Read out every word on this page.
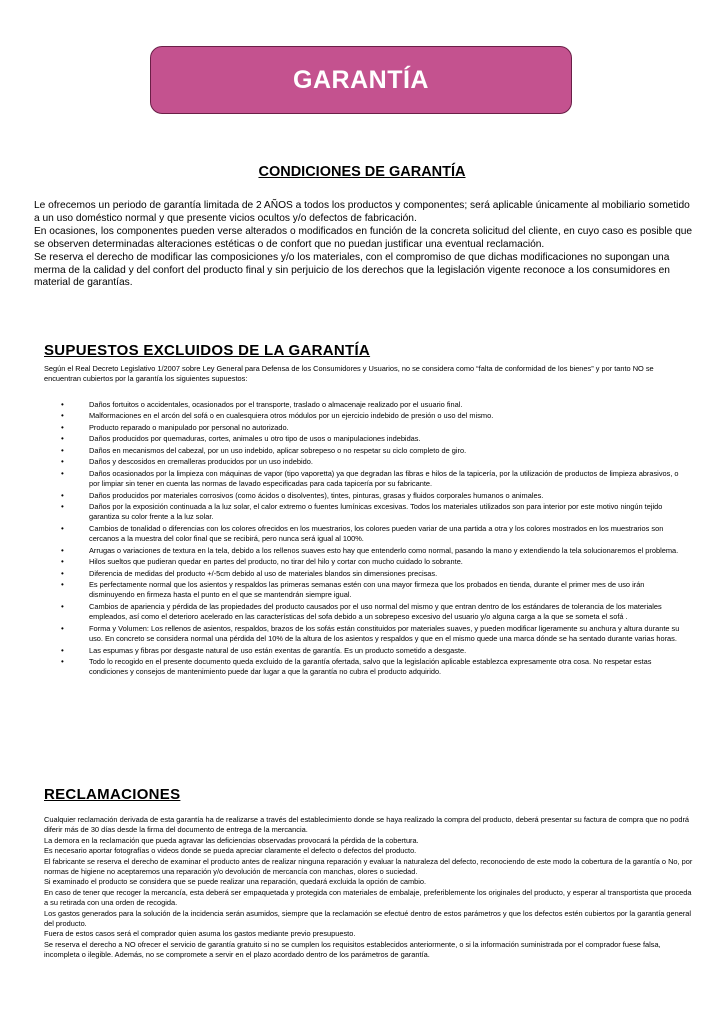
GARANTÍA
CONDICIONES DE GARANTÍA

Le ofrecemos un periodo de garantía limitada de 2 AÑOS a todos los productos y componentes; será aplicable únicamente al mobiliario sometido a un uso doméstico normal y que presente vicios ocultos y/o defectos de fabricación.

En ocasiones, los componentes pueden verse alterados o modificados en función de la concreta solicitud del cliente, en cuyo caso es posible que se observen determinadas alteraciones estéticas o de confort que no puedan justificar una eventual reclamación.

Se reserva el derecho de modificar las composiciones y/o los materiales, con el compromiso de que dichas modificaciones no supongan una merma de la calidad y del confort del producto final y sin perjuicio de los derechos que la legislación vigente reconoce a los consumidores en material de garantías.

SUPUESTOS EXCLUIDOS DE LA GARANTÍA
Según el Real Decreto Legislativo 1/2007 sobre Ley General para Defensa de los Consumidores y Usuarios, no se considera como “falta de conformidad de los bienes” y por tanto NO se encuentran cubiertos por la garantía los siguientes supuestos:
• Daños fortuitos o accidentales, ocasionados por el transporte, traslado o almacenaje realizado por el usuario final.
• Malformaciones en el arcón del sofá o en cualesquiera otros módulos por un ejercicio indebido de presión o uso del mismo.
• Producto reparado o manipulado por personal no autorizado.
• Daños producidos por quemaduras, cortes, animales u otro tipo de usos o manipulaciones indebidas.
• Daños en mecanismos del cabezal, por un uso indebido, aplicar sobrepeso o no respetar su ciclo completo de giro.
• Daños y descosidos en cremalleras producidos por un uso indebido.
• Daños ocasionados por la limpieza con máquinas de vapor (tipo vaporetta) ya que degradan las fibras e hilos de la tapicería, por la utilización de productos de limpieza abrasivos, o por limpiar sin tener en cuenta las normas de lavado especificadas para cada tapicería por su fabricante.
• Daños producidos por materiales corrosivos (como ácidos o disolventes), tintes, pinturas, grasas y fluidos corporales humanos o animales.
• Daños por la exposición continuada a la luz solar, el calor extremo o fuentes lumínicas excesivas. Todos los materiales utilizados son para interior por este motivo ningún tejido garantiza su color frente a la luz solar.
• Cambios de tonalidad o diferencias con los colores ofrecidos en los muestrarios, los colores pueden variar de una partida a otra y los colores mostrados en los muestrarios son cercanos a la muestra del color final que se recibirá, pero nunca será igual al 100%.
• Arrugas o variaciones de textura en la tela, debido a los rellenos suaves esto hay que entenderlo como normal, pasando la mano y extendiendo la tela solucionaremos el problema.
• Hilos sueltos que pudieran quedar en partes del producto, no tirar del hilo y cortar con mucho cuidado lo sobrante.
• Diferencia de medidas del producto +/-5cm debido al uso de materiales blandos sin dimensiones precisas.
• Es perfectamente normal que los asientos y respaldos las primeras semanas estén con una mayor firmeza que los probados en tienda, durante el primer mes de uso irán disminuyendo en firmeza hasta el punto en el que se mantendrán siempre igual.
• Cambios de apariencia y pérdida de las propiedades del producto causados por el uso normal del mismo y que entran dentro de los estándares de tolerancia de los materiales empleados, así como el deterioro acelerado en las características del sofa debido a un sobrepeso excesivo del usuario y/o alguna carga a la que se someta el sofá .
• Forma y Volumen: Los rellenos de asientos, respaldos, brazos de los sofás están constituidos por materiales suaves, y pueden modificar ligeramente su anchura y altura durante su uso. En concreto se considera normal una pérdida del 10% de la altura de los asientos y respaldos y que en el mismo quede una marca dónde se ha sentado durante varias horas.
• Las espumas y fibras por desgaste natural de uso están exentas de garantía. Es un producto sometido a desgaste.
• Todo lo recogido en el presente documento queda excluido de la garantía ofertada, salvo que la legislación aplicable establezca expresamente otra cosa. No respetar estas condiciones y consejos de mantenimiento puede dar lugar a que la garantía no cubra el producto adquirido.
RECLAMACIONES

Cualquier reclamación derivada de esta garantía ha de realizarse a través del establecimiento donde se haya realizado la compra del producto, deberá presentar su factura de compra que no podrá diferir más de 30 días desde la firma del documento de entrega de la mercancia.

La demora en la reclamación que pueda agravar las deficiencias observadas provocará la pérdida de la cobertura.

Es necesario aportar fotografías o videos donde se pueda apreciar claramente el defecto o defectos del producto.

El fabricante se reserva el derecho de examinar el producto antes de realizar ninguna reparación y evaluar la naturaleza del defecto, reconociendo de este modo la cobertura de la garantía o No, por normas de higiene no aceptaremos una reparación y/o devolución de mercancía con manchas, olores o suciedad.

Si examinado el producto se considera que se puede realizar una reparación, quedará excluida la opción de cambio.

En caso de tener que recoger la mercancía, esta deberá ser empaquetada y protegida con materiales de embalaje, preferiblemente los originales del producto, y esperar al transportista que proceda a su retirada con una orden de recogida.

Los gastos generados para la solución de la incidencia serán asumidos, siempre que la reclamación se efectué dentro de estos parámetros y que los defectos estén cubiertos por la garantía general del producto.

Fuera de estos casos será el comprador quien asuma los gastos mediante previo presupuesto.

Se reserva el derecho a NO ofrecer el servicio de garantía gratuito si no se cumplen los requisitos establecidos anteriormente, o si la información suministrada por el comprador fuese falsa, incompleta o ilegible. Además, no se compromete a servir en el plazo acordado dentro de los parámetros de garantía.
